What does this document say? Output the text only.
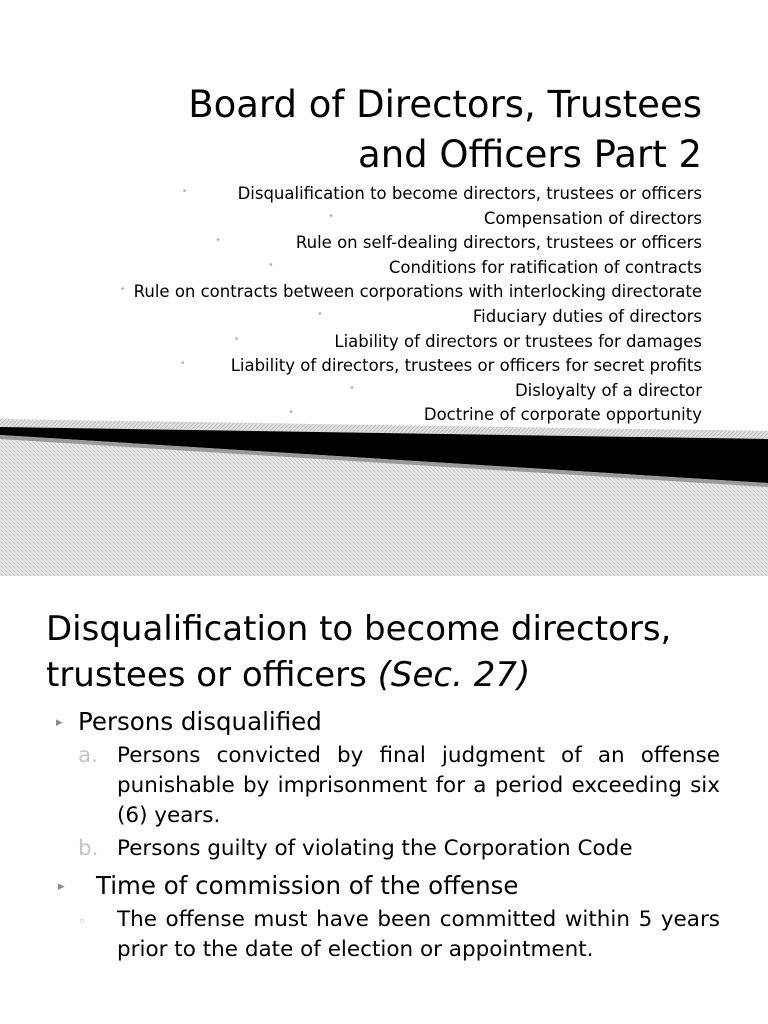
Board of Directors, Trustees
and Officers Part 2
•	Disqualification to become directors, trustees or officers
•	Compensation of directors
•	Rule on self-dealing directors, trustees or officers
•	Conditions for ratification of contracts
• Rule on contracts between corporations with interlocking directorate
•	Fiduciary duties of directors
•	Liability of directors or trustees for damages
•	Liability of directors, trustees or officers for secret profits
•	Disloyalty of a director
•	Doctrine of corporate opportunity
Disqualification to become directors, trustees or officers (Sec. 27)
▸ Persons disqualified
a. Persons convicted by final judgment of an offense punishable by imprisonment for a period exceeding six (6) years.
b. Persons guilty of violating the Corporation Code
▸ Time of commission of the offense
◦ The offense must have been committed within 5 years prior to the date of election or appointment.
